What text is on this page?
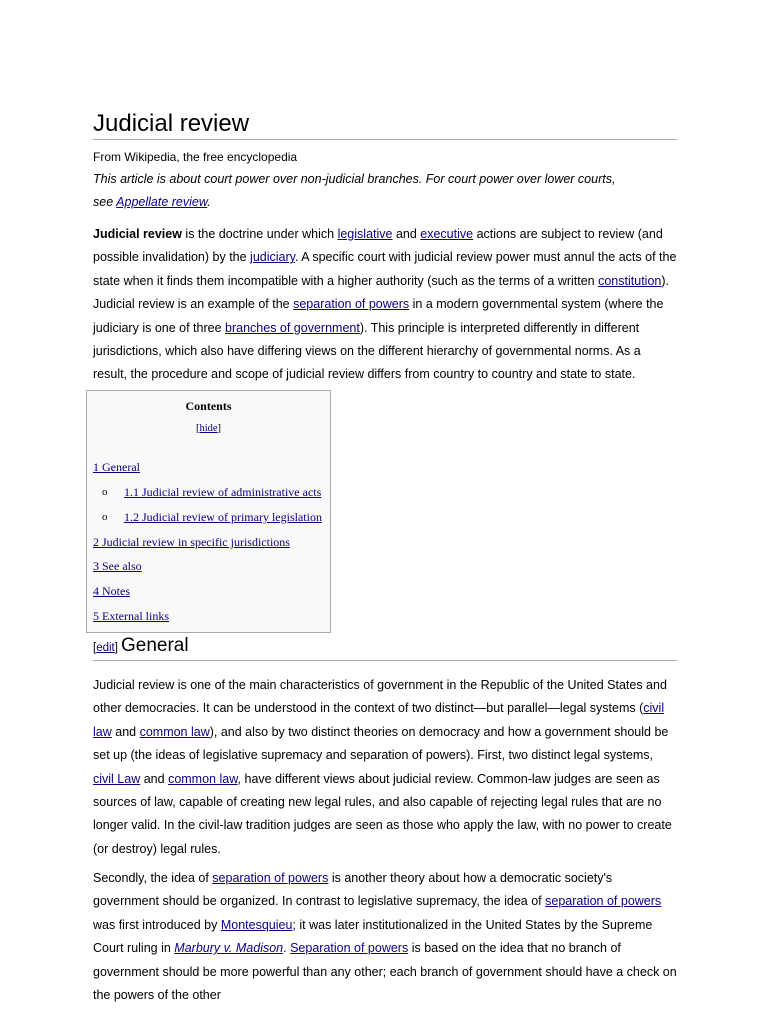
Judicial review
From Wikipedia, the free encyclopedia
This article is about court power over non-judicial branches. For court power over lower courts,
see Appellate review.

Judicial review is the doctrine under which legislative and executive actions are subject to review (and possible invalidation) by the judiciary. A specific court with judicial review power must annul the acts of the state when it finds them incompatible with a higher authority (such as the terms of a written constitution). Judicial review is an example of the separation of powers in a modern governmental system (where the judiciary is one of three branches of government). This principle is interpreted differently in different jurisdictions, which also have differing views on the different hierarchy of governmental norms. As a result, the procedure and scope of judicial review differs from country to country and state to state.

[edit] General

Judicial review is one of the main characteristics of government in the Republic of the United States and other democracies. It can be understood in the context of two distinct—but parallel—legal systems (civil law and common law), and also by two distinct theories on democracy and how a government should be set up (the ideas of legislative supremacy and separation of powers). First, two distinct legal systems, civil Law and common law, have different views about judicial review. Common-law judges are seen as sources of law, capable of creating new legal rules, and also capable of rejecting legal rules that are no longer valid. In the civil-law tradition judges are seen as those who apply the law, with no power to create (or destroy) legal rules.

Secondly, the idea of separation of powers is another theory about how a democratic society's government should be organized. In contrast to legislative supremacy, the idea of separation of powers was first introduced by Montesquieu; it was later institutionalized in the United States by the Supreme Court ruling in Marbury v. Madison. Separation of powers is based on the idea that no branch of government should be more powerful than any other; each branch of government should have a check on the powers of the other

Contents
[hide]
1 General
o 1.1 Judicial review of administrative acts
o 1.2 Judicial review of primary legislation
2 Judicial review in specific jurisdictions
3 See also
4 Notes
5 External links
